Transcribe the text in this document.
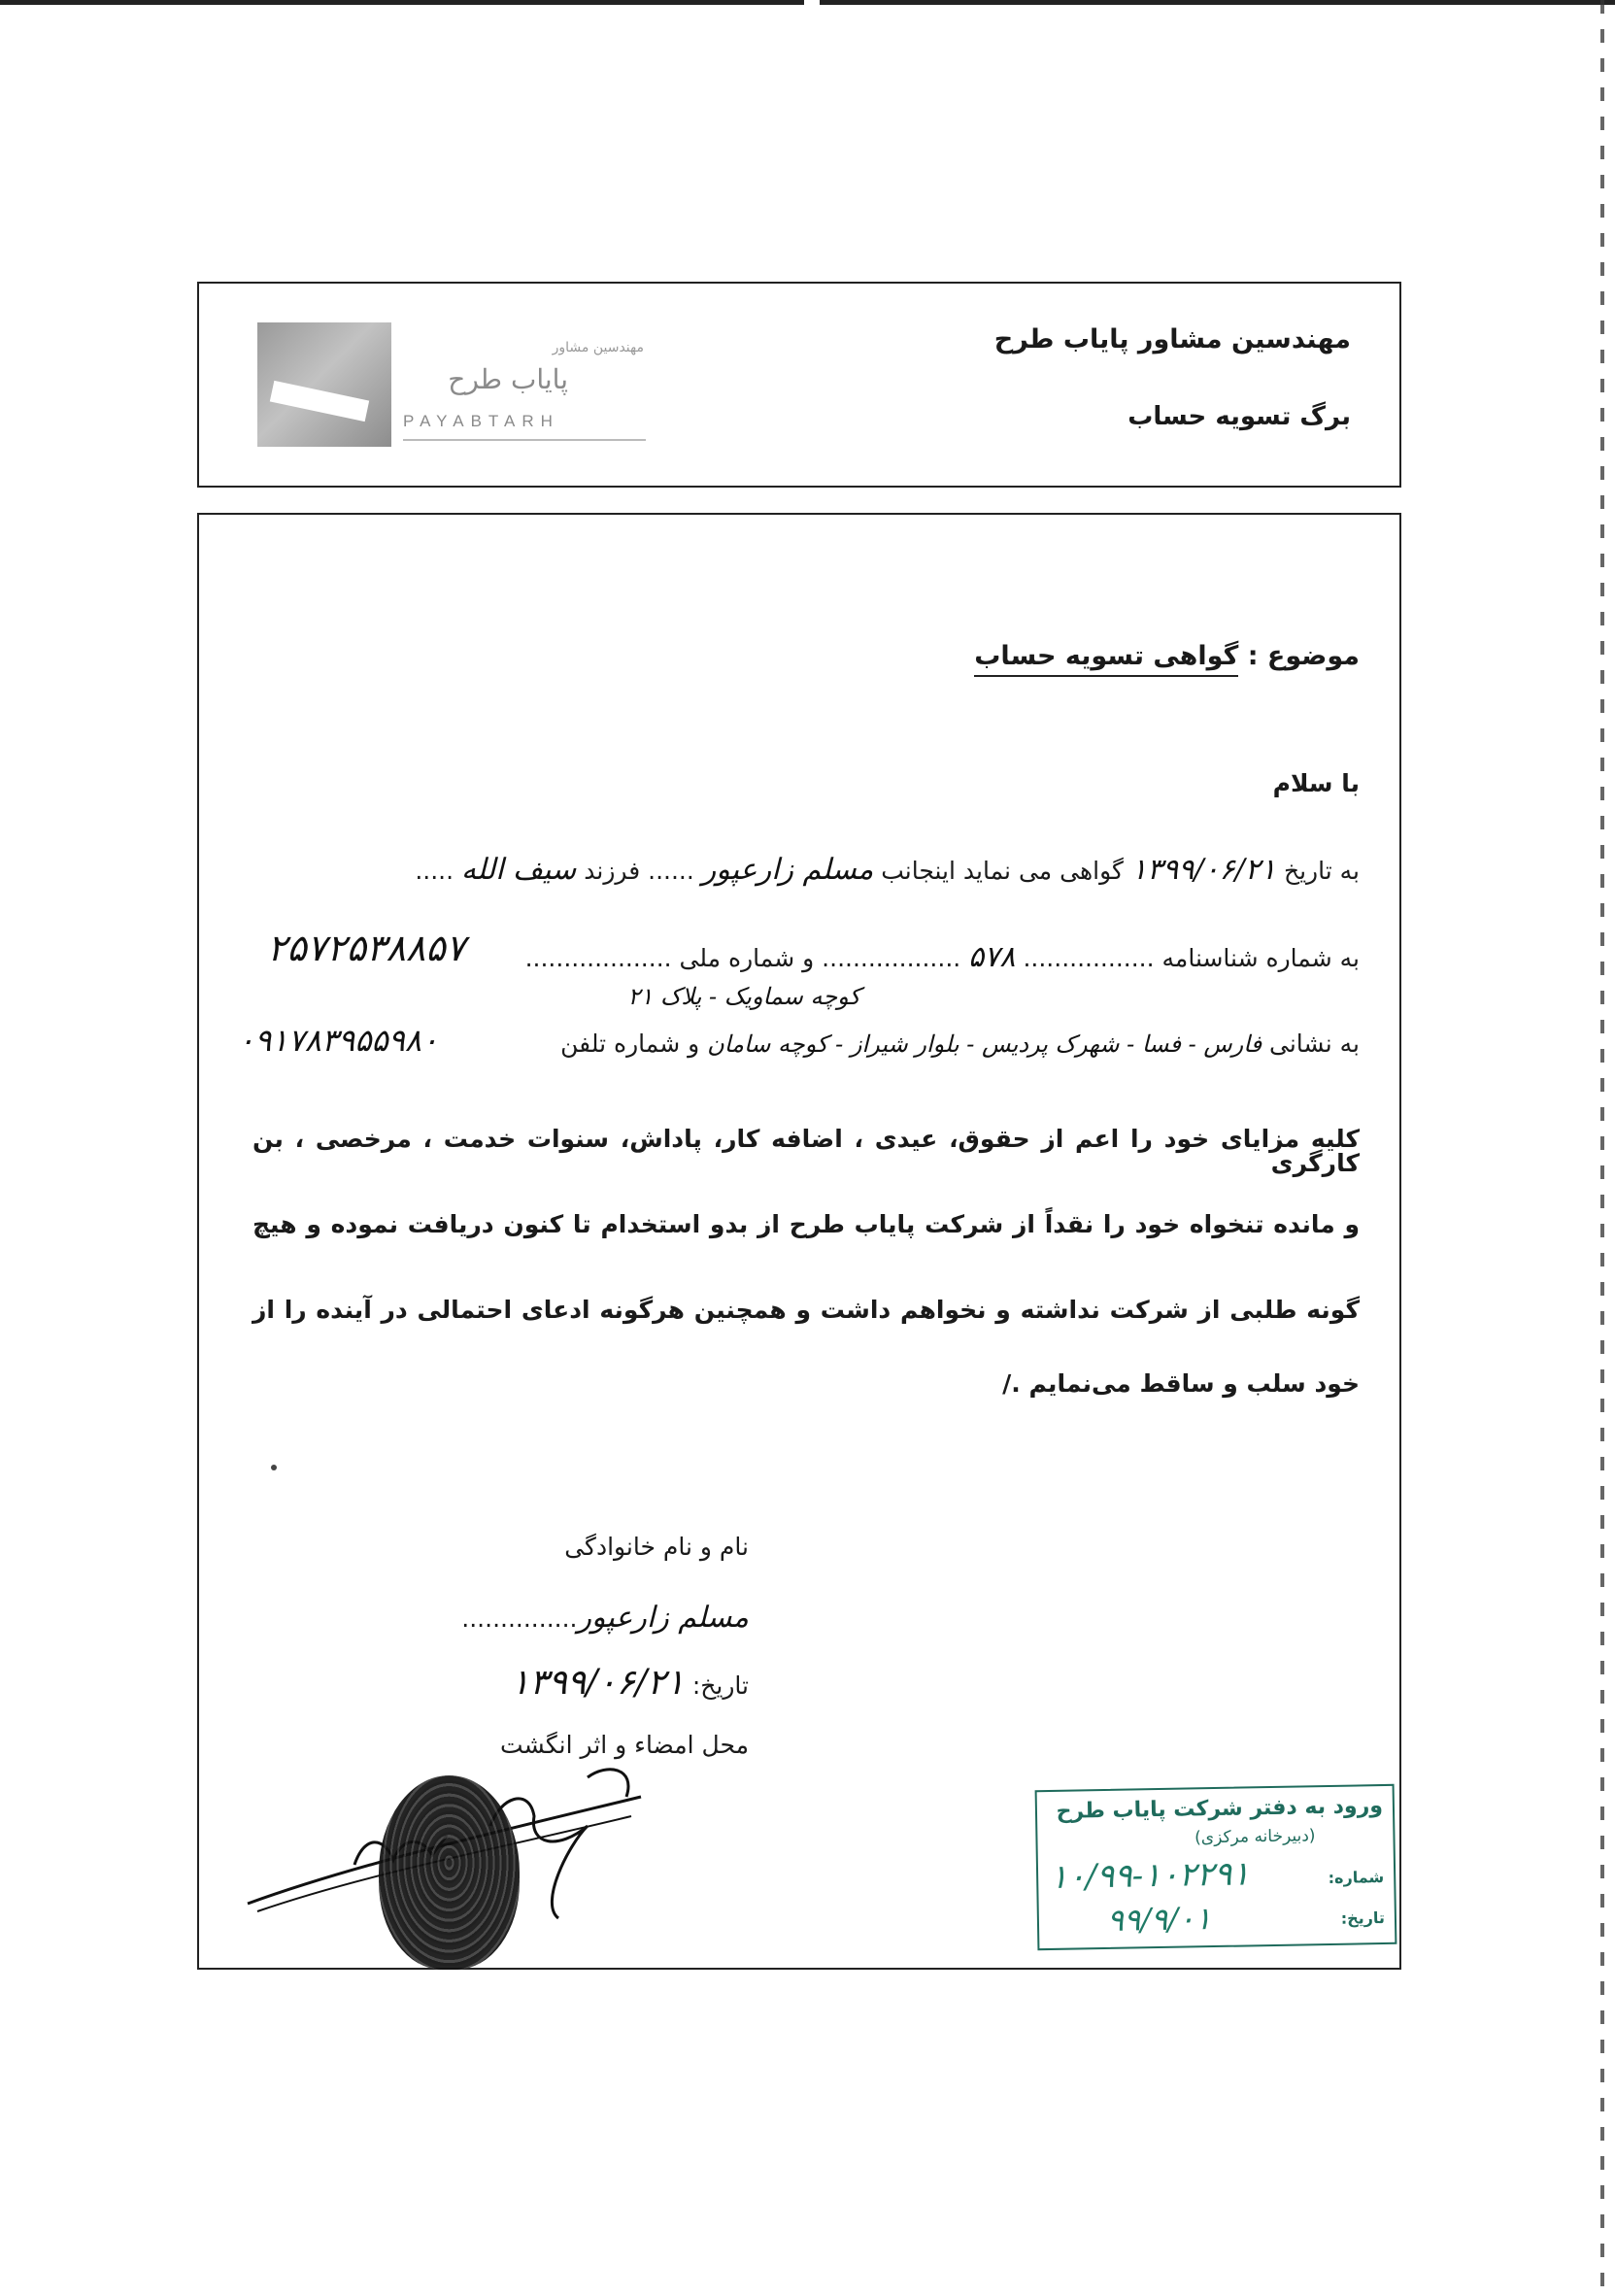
مهندسین مشاور
پایاب طرح
PAYABTARH
مهندسین مشاور پایاب طرح
برگ تسویه حساب
موضوع : گواهی تسویه حساب
با سلام
به تاریخ ۱۳۹۹/۰۶/۲۱ گواهی می نماید اینجانب مسلم زارعپور ...... فرزند سیف الله .....
به شماره شناسنامه ................. ۵۷۸ .................. و شماره ملی ...................
۲۵۷۲۵۳۸۸۵۷
کوچه سماویک - پلاک ۲۱
به نشانی فارس - فسا - شهرک پردیس - بلوار شیراز - کوچه سامان و شماره تلفن
۰۹۱۷۸۳۹۵۵۹۸۰
کلیه مزایای خود را اعم از حقوق، عیدی ، اضافه کار، پاداش، سنوات خدمت ، مرخصی ، بن کارگری
و مانده تنخواه خود را نقداً از شرکت پایاب طرح از بدو استخدام تا کنون دریافت نموده و هیچ
گونه طلبی از شرکت نداشته و نخواهم داشت و همچنین هرگونه ادعای احتمالی در آینده را از
خود سلب و ساقط می‌نمایم ./
نام و نام خانوادگی
مسلم زارعپور...............
تاریخ: ۱۳۹۹/۰۶/۲۱
محل امضاء و اثر انگشت
ورود به دفتر شرکت پایاب طرح
(دبیرخانه مرکزی)
شماره:
تاریخ:
۱۰/۹۹-۱۰۲۲۹۱
۹۹/۹/۰۱
